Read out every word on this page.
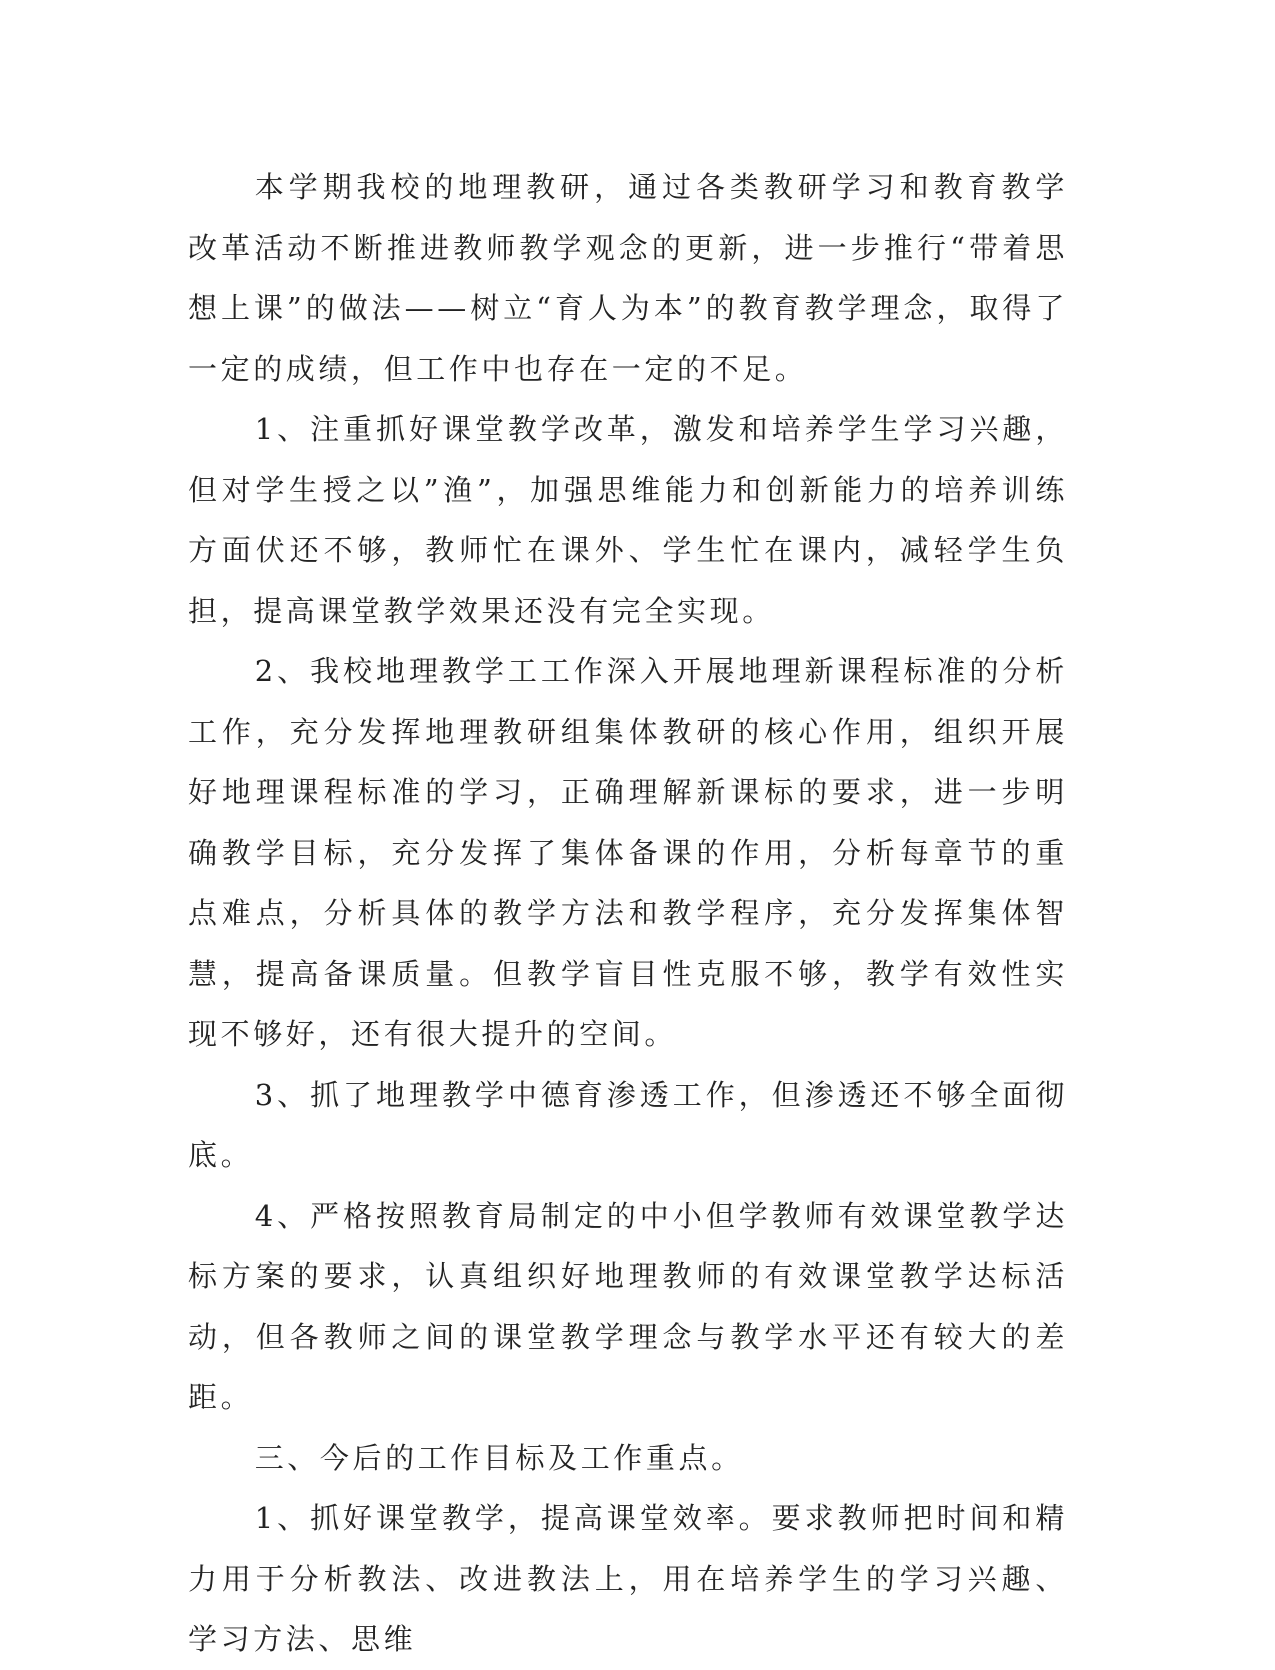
本学期我校的地理教研，通过各类教研学习和教育教学改革活动不断推进教师教学观念的更新，进一步推行“带着思想上课”的做法——树立“育人为本”的教育教学理念，取得了一定的成绩，但工作中也存在一定的不足。

1、注重抓好课堂教学改革，激发和培养学生学习兴趣，但对学生授之以”渔”，加强思维能力和创新能力的培养训练方面伏还不够，教师忙在课外、学生忙在课内，减轻学生负担，提高课堂教学效果还没有完全实现。

2、我校地理教学工工作深入开展地理新课程标准的分析工作，充分发挥地理教研组集体教研的核心作用，组织开展好地理课程标准的学习，正确理解新课标的要求，进一步明确教学目标，充分发挥了集体备课的作用，分析每章节的重点难点，分析具体的教学方法和教学程序，充分发挥集体智慧，提高备课质量。但教学盲目性克服不够，教学有效性实现不够好，还有很大提升的空间。

3、抓了地理教学中德育渗透工作，但渗透还不够全面彻底。

4、严格按照教育局制定的中小但学教师有效课堂教学达标方案的要求，认真组织好地理教师的有效课堂教学达标活动，但各教师之间的课堂教学理念与教学水平还有较大的差距。

三、今后的工作目标及工作重点。

1、抓好课堂教学，提高课堂效率。要求教师把时间和精力用于分析教法、改进教法上，用在培养学生的学习兴趣、学习方法、思维
